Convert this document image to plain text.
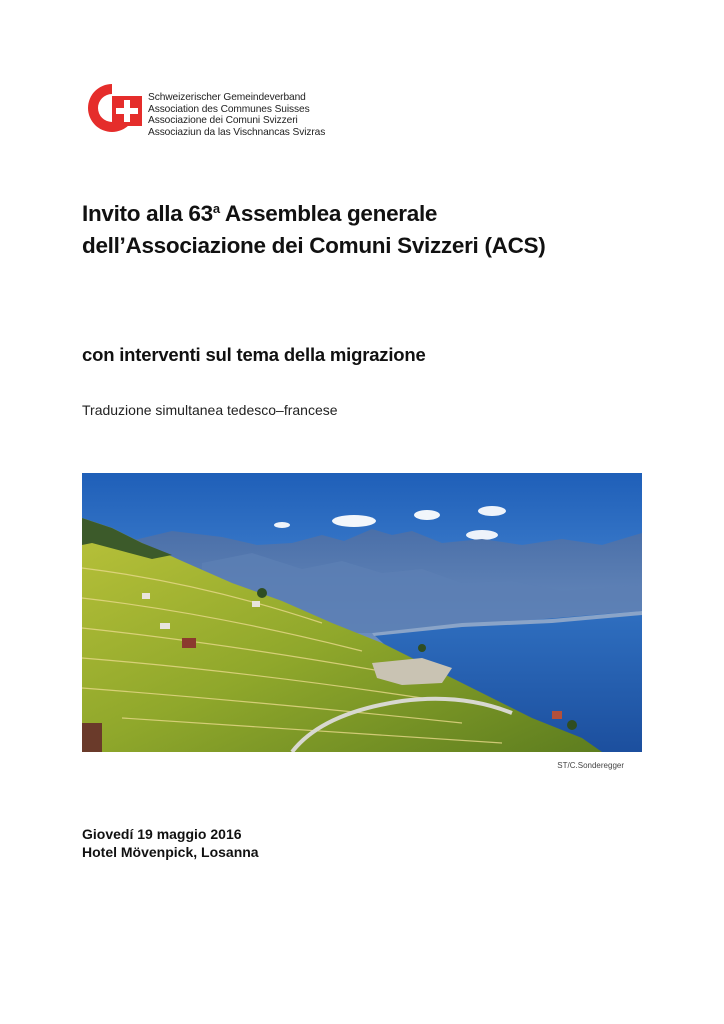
Schweizerischer Gemeindeverband
Association des Communes Suisses
Associazione dei Comuni Svizzeri
Associaziun da las Vischnancas Svizras
Invito alla 63$^a$ Assemblea generale
dell’Associazione dei Comuni Svizzeri (ACS)
con interventi sul tema della migrazione
Traduzione simultanea tedesco–francese
ST/C.Sonderegger
Giovedí 19 maggio 2016
Hotel Mövenpick, Losanna
